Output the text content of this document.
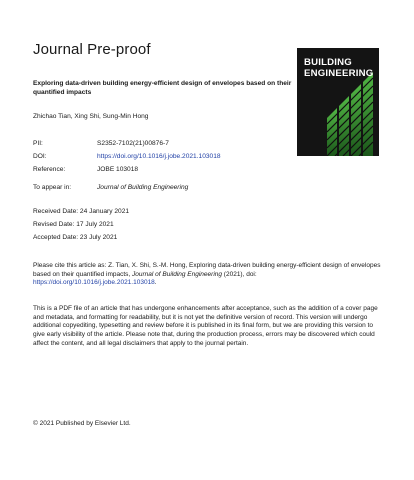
Journal Pre-proof
Exploring data-driven building energy-efficient design of envelopes based on their quantified impacts
Zhichao Tian, Xing Shi, Sung-Min Hong
BUILDING
ENGINEERING
PII:	S2352-7102(21)00876-7
DOI:	https://doi.org/10.1016/j.jobe.2021.103018
Reference:	JOBE 103018
To appear in:	Journal of Building Engineering
Received Date: 24 January 2021
Revised Date: 17 July 2021
Accepted Date: 23 July 2021
Please cite this article as: Z. Tian, X. Shi, S.-M. Hong, Exploring data-driven building energy-efficient design of envelopes based on their quantified impacts, Journal of Building Engineering (2021), doi: https://doi.org/10.1016/j.jobe.2021.103018.
This is a PDF file of an article that has undergone enhancements after acceptance, such as the addition of a cover page and metadata, and formatting for readability, but it is not yet the definitive version of record. This version will undergo additional copyediting, typesetting and review before it is published in its final form, but we are providing this version to give early visibility of the article. Please note that, during the production process, errors may be discovered which could affect the content, and all legal disclaimers that apply to the journal pertain.
© 2021 Published by Elsevier Ltd.
